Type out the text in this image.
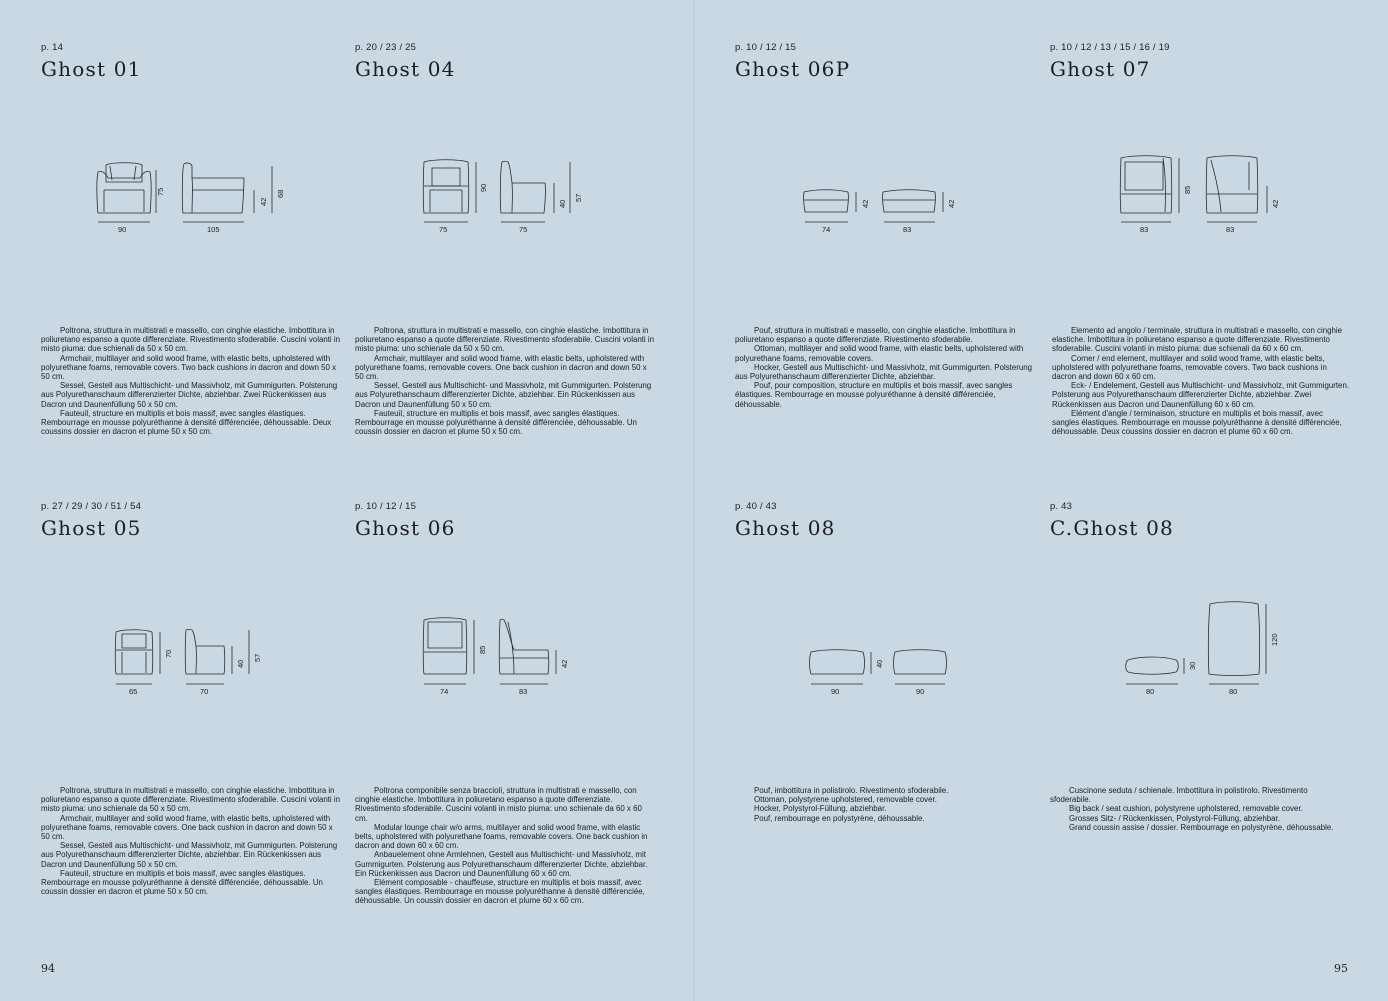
p. 14

Ghost 01
75
90
42
68
105

Poltrona, struttura in multistrati e massello, con cinghie elastiche. Imbottitura in poliuretano espanso a quote differenziate. Rivestimento sfoderabile. Cuscini volanti in misto piuma: due schienali da 50 x 50 cm.

Armchair, multilayer and solid wood frame, with elastic belts, upholstered with polyurethane foams, removable covers. Two back cushions in dacron and down 50 x 50 cm.

Sessel, Gestell aus Multischicht- und Massivholz, mit Gummigurten. Polsterung aus Polyurethanschaum differenzierter Dichte, abziehbar. Zwei Rückenkissen aus Dacron und Daunenfüllung 50 x 50 cm.

Fauteuil, structure en multiplis et bois massif, avec sangles élastiques. Rembourrage en mousse polyuréthanne à densité différenciée, déhoussable. Deux coussins dossier en dacron et plume 50 x 50 cm.

p. 20 / 23 / 25

Ghost 04
90
75
40
57
75

Poltrona, struttura in multistrati e massello, con cinghie elastiche. Imbottitura in poliuretano espanso a quote differenziate. Rivestimento sfoderabile. Cuscini volanti in misto piuma: uno schienale da 50 x 50 cm.

Armchair, multilayer and solid wood frame, with elastic belts, upholstered with polyurethane foams, removable covers. One back cushion in dacron and down 50 x 50 cm.

Sessel, Gestell aus Multischicht- und Massivholz, mit Gummigurten. Polsterung aus Polyurethanschaum differenzierter Dichte, abziehbar. Ein Rückenkissen aus Dacron und Daunenfüllung 50 x 50 cm.

Fauteuil, structure en multiplis et bois massif, avec sangles élastiques. Rembourrage en mousse polyuréthanne à densité différenciée, déhoussable. Un coussin dossier en dacron et plume 50 x 50 cm.

p. 10 / 12 / 15

Ghost 06P
42
74
42
83

Pouf, struttura in multistrati e massello, con cinghie elastiche. Imbottitura in poliuretano espanso a quote differenziate. Rivestimento sfoderabile.

Ottoman, multilayer and solid wood frame, with elastic belts, upholstered with polyurethane foams, removable covers.

Hocker, Gestell aus Multischicht- und Massivholz, mit Gummigurten. Polsterung aus Polyurethanschaum differenzierter Dichte, abziehbar.

Pouf, pour composition, structure en multiplis et bois massif, avec sangles élastiques. Rembourrage en mousse polyuréthanne à densité différenciée, déhoussable.

p. 10 / 12 / 13 / 15 / 16 / 19

Ghost 07
85
83
42
83

Elemento ad angolo / terminale, struttura in multistrati e massello, con cinghie elastiche. Imbottitura in poliuretano espanso a quote differenziate. Rivestimento sfoderabile. Cuscini volanti in misto piuma: due schienali da 60 x 60 cm.

Corner / end element, multilayer and solid wood frame, with elastic belts, upholstered with polyurethane foams, removable covers. Two back cushions in dacron and down 60 x 60 cm.

Eck- / Endelement, Gestell aus Multischicht- und Massivholz, mit Gummigurten. Polsterung aus Polyurethanschaum differenzierter Dichte, abziehbar. Zwei Rückenkissen aus Dacron und Daunenfüllung 60 x 60 cm.

Elément d'angle / terminaison, structure en multiplis et bois massif, avec sangles élastiques. Rembourrage en mousse polyuréthanne à densité différenciée, déhoussable. Deux coussins dossier en dacron et plume 60 x 60 cm.

p. 27 / 29 / 30 / 51 / 54

Ghost 05
70
65
40
57
70

Poltrona, struttura in multistrati e massello, con cinghie elastiche. Imbottitura in poliuretano espanso a quote differenziate. Rivestimento sfoderabile. Cuscini volanti in misto piuma: uno schienale da 50 x 50 cm.

Armchair, multilayer and solid wood frame, with elastic belts, upholstered with polyurethane foams, removable covers. One back cushion in dacron and down 50 x 50 cm.

Sessel, Gestell aus Multischicht- und Massivholz, mit Gummigurten. Polsterung aus Polyurethanschaum differenzierter Dichte, abziehbar. Ein Rückenkissen aus Dacron und Daunenfüllung 50 x 50 cm.

Fauteuil, structure en multiplis et bois massif, avec sangles élastiques. Rembourrage en mousse polyuréthanne à densité différenciée, déhoussable. Un coussin dossier en dacron et plume 50 x 50 cm.

p. 10 / 12 / 15

Ghost 06
85
74
42
83

Poltrona componibile senza braccioli, struttura in multistrati e massello, con cinghie elastiche. Imbottitura in poliuretano espanso a quote differenziate. Rivestimento sfoderabile. Cuscini volanti in misto piuma: uno schienale da 60 x 60 cm.

Modular lounge chair w/o arms, multilayer and solid wood frame, with elastic belts, upholstered with polyurethane foams, removable covers. One back cushion in dacron and down 60 x 60 cm.

Anbauelement ohne Armlehnen, Gestell aus Multischicht- und Massivholz, mit Gummigurten. Polsterung aus Polyurethanschaum differenzierter Dichte, abziehbar. Ein Rückenkissen aus Dacron und Daunenfüllung 60 x 60 cm.

Elément composable - chauffeuse, structure en multiplis et bois massif, avec sangles élastiques. Rembourrage en mousse polyuréthanne à densité différenciée, déhoussable. Un coussin dossier en dacron et plume 60 x 60 cm.

p. 40 / 43

Ghost 08
40
90	90

Pouf, imbottitura in polistirolo. Rivestimento sfoderabile.

Ottoman, polystyrene upholstered, removable cover.

Hocker, Polystyrol-Füllung, abziehbar.

Pouf, rembourrage en polystyrène, déhoussable.

p. 43

C.Ghost 08
30
80
120
80

Cuscinone seduta / schienale. Imbottitura in polistirolo. Rivestimento sfoderabile.

Big back / seat cushion, polystyrene upholstered, removable cover.

Grosses Sitz- / Rückenkissen, Polystyrol-Füllung, abziehbar.

Grand coussin assise / dossier. Rembourrage en polystyrène, déhoussable.

94	95
